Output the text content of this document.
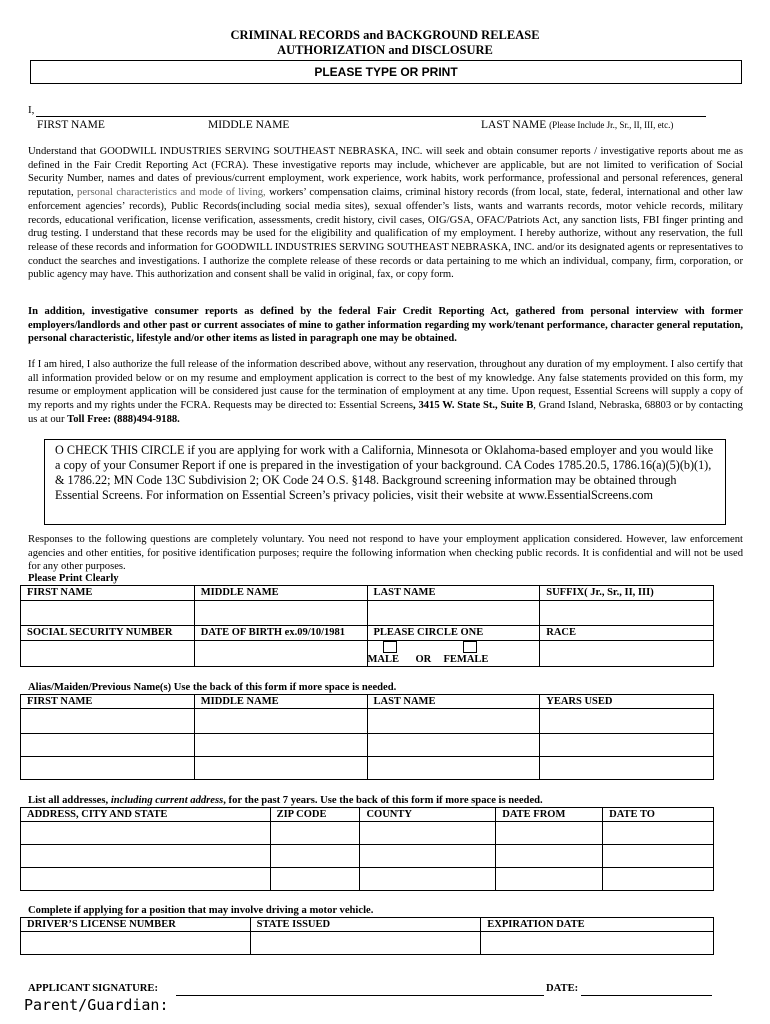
CRIMINAL RECORDS and BACKGROUND RELEASE
AUTHORIZATION and DISCLOSURE
PLEASE TYPE OR PRINT
I,
FIRST NAME	MIDDLE NAME	LAST NAME (Please Include Jr., Sr., II, III, etc.)
Understand that GOODWILL INDUSTRIES SERVING SOUTHEAST NEBRASKA, INC. will seek and obtain consumer reports / investigative reports about me as defined in the Fair Credit Reporting Act (FCRA). These investigative reports may include, whichever are applicable, but are not limited to verification of Social Security Number, names and dates of previous/current employment, work experience, work habits, work performance, professional and personal references, general reputation, personal characteristics and mode of living, workers’ compensation claims, criminal history records (from local, state, federal, international and other law enforcement agencies’ records), Public Records(including social media sites), sexual offender’s lists, wants and warrants records, motor vehicle records, military records, educational verification, license verification, assessments, credit history, civil cases, OIG/GSA, OFAC/Patriots Act, any sanction lists, FBI finger printing and drug testing. I understand that these records may be used for the eligibility and qualification of my employment. I hereby authorize, without any reservation, the full release of these records and information for GOODWILL INDUSTRIES SERVING SOUTHEAST NEBRASKA, INC. and/or its designated agents or representatives to conduct the searches and investigations. I authorize the complete release of these records or data pertaining to me which an individual, company, firm, corporation, or public agency may have. This authorization and consent shall be valid in original, fax, or copy form.
In addition, investigative consumer reports as defined by the federal Fair Credit Reporting Act, gathered from personal interview with former employers/landlords and other past or current associates of mine to gather information regarding my work/tenant performance, character general reputation, personal characteristic, lifestyle and/or other items as listed in paragraph one may be obtained.
If I am hired, I also authorize the full release of the information described above, without any reservation, throughout any duration of my employment. I also certify that all information provided below or on my resume and employment application is correct to the best of my knowledge. Any false statements provided on this form, my resume or employment application will be considered just cause for the termination of employment at any time. Upon request, Essential Screens will supply a copy of my reports and my rights under the FCRA. Requests may be directed to: Essential Screens, 3415 W. State St., Suite B, Grand Island, Nebraska, 68803 or by contacting us at our Toll Free: (888)494-9188.
O CHECK THIS CIRCLE if you are applying for work with a California, Minnesota or Oklahoma-based employer and you would like a copy of your Consumer Report if one is prepared in the investigation of your background. CA Codes 1785.20.5, 1786.16(a)(5)(b)(1), & 1786.22; MN Code 13C Subdivision 2; OK Code 24 O.S. §148. Background screening information may be obtained through Essential Screens. For information on Essential Screen’s privacy policies, visit their website at www.EssentialScreens.com
Responses to the following questions are completely voluntary. You need not respond to have your employment application considered. However, law enforcement agencies and other entities, for positive identification purposes; require the following information when checking public records. It is confidential and will not be used for any other purposes.
Please Print Clearly
FIRST NAME	MIDDLE NAME	LAST NAME	SUFFIX( Jr., Sr., II, III)

SOCIAL SECURITY NUMBER	DATE OF BIRTH ex.09/10/1981	PLEASE CIRCLE ONE	RACE

		MALE OR FEMALE	

Alias/Maiden/Previous Name(s) Use the back of this form if more space is needed.
FIRST NAME	MIDDLE NAME	LAST NAME	YEARS USED

List all addresses, including current address, for the past 7 years. Use the back of this form if more space is needed.
ADDRESS, CITY AND STATE	ZIP CODE	COUNTY	DATE FROM	DATE TO

Complete if applying for a position that may involve driving a motor vehicle.
DRIVER’S LICENSE NUMBER	STATE ISSUED	EXPIRATION DATE

APPLICANT SIGNATURE:	DATE:
Parent/Guardian:
